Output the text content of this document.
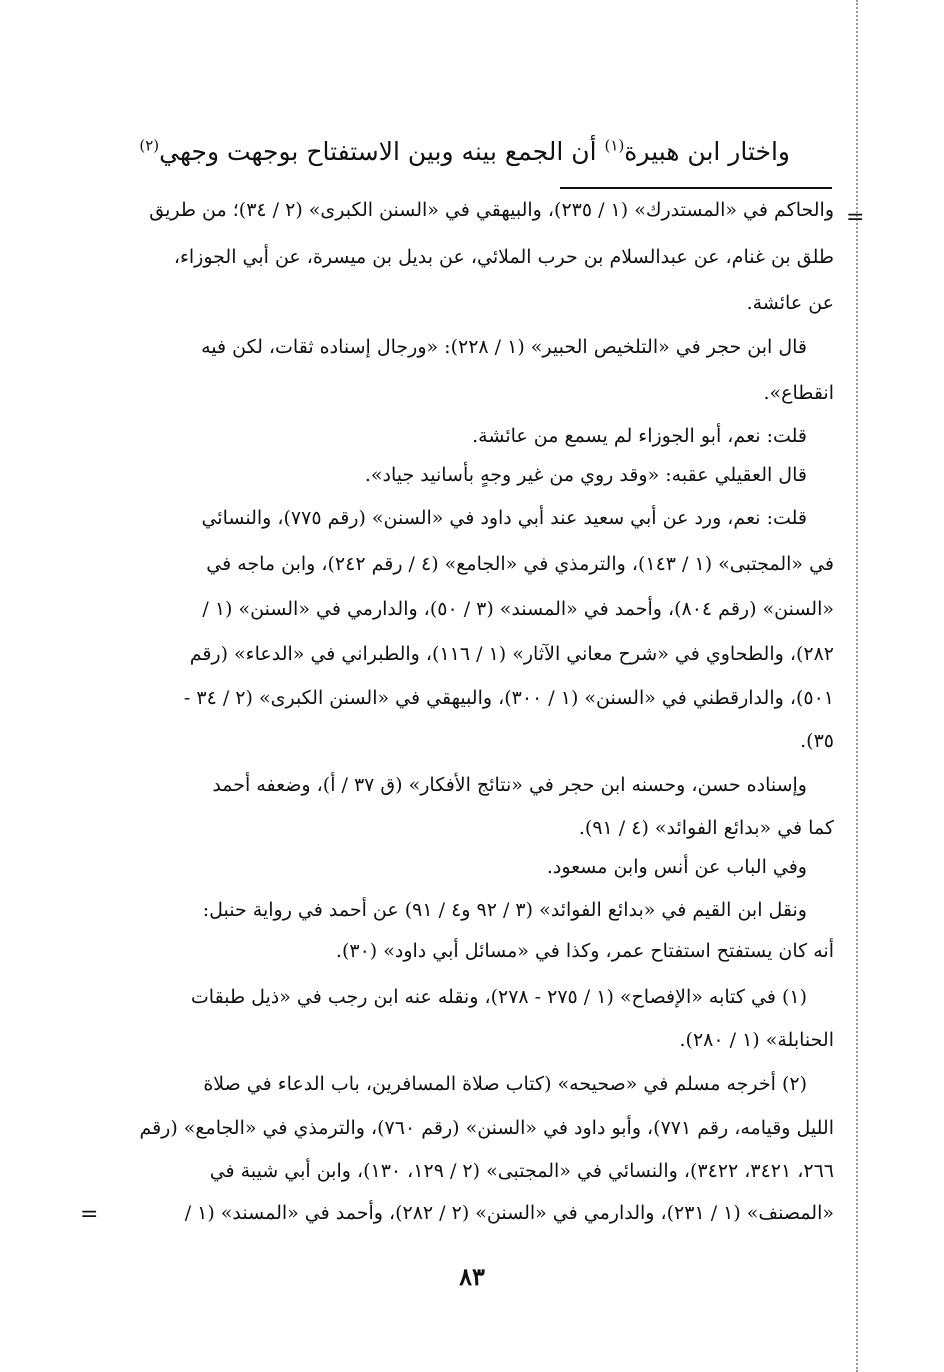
واختار ابن هبيرة$^{(١)}$ أن الجمع بينه وبين الاستفتاح بوجهت وجهي$^{(٢)}$
=
والحاكم في «المستدرك» (١ / ٢٣٥)، والبيهقي في «السنن الكبرى» (٢ / ٣٤)؛ من طريق
طلق بن غنام، عن عبدالسلام بن حرب الملائي، عن بديل بن ميسرة، عن أبي الجوزاء،
عن عائشة.
قال ابن حجر في «التلخيص الحبير» (١ / ٢٢٨): «ورجال إسناده ثقات، لكن فيه
انقطاع».
قلت: نعم، أبو الجوزاء لم يسمع من عائشة.
قال العقيلي عقبه: «وقد روي من غير وجهٍ بأسانيد جياد».
قلت: نعم، ورد عن أبي سعيد عند أبي داود في «السنن» (رقم ٧٧٥)، والنسائي
في «المجتبى» (١ / ١٤٣)، والترمذي في «الجامع» (٤ / رقم ٢٤٢)، وابن ماجه في
«السنن» (رقم ٨٠٤)، وأحمد في «المسند» (٣ / ٥٠)، والدارمي في «السنن» (١ /
٢٨٢)، والطحاوي في «شرح معاني الآثار» (١ / ١١٦)، والطبراني في «الدعاء» (رقم
٥٠١)، والدارقطني في «السنن» (١ / ٣٠٠)، والبيهقي في «السنن الكبرى» (٢ / ٣٤ -
٣٥).
وإسناده حسن، وحسنه ابن حجر في «نتائج الأفكار» (ق ٣٧ / أ)، وضعفه أحمد
كما في «بدائع الفوائد» (٤ / ٩١).
وفي الباب عن أنس وابن مسعود.
ونقل ابن القيم في «بدائع الفوائد» (٣ / ٩٢ و٤ / ٩١) عن أحمد في رواية حنبل:
أنه كان يستفتح استفتاح عمر، وكذا في «مسائل أبي داود» (٣٠).
(١) في كتابه «الإفصاح» (١ / ٢٧٥ - ٢٧٨)، ونقله عنه ابن رجب في «ذيل طبقات
الحنابلة» (١ / ٢٨٠).
(٢) أخرجه مسلم في «صحيحه» (كتاب صلاة المسافرين، باب الدعاء في صلاة
الليل وقيامه، رقم ٧٧١)، وأبو داود في «السنن» (رقم ٧٦٠)، والترمذي في «الجامع» (رقم
٢٦٦، ٣٤٢١، ٣٤٢٢)، والنسائي في «المجتبى» (٢ / ١٢٩، ١٣٠)، وابن أبي شيبة في
«المصنف» (١ / ٢٣١)، والدارمي في «السنن» (٢ / ٢٨٢)، وأحمد في «المسند» (١ /
=
٨٣
